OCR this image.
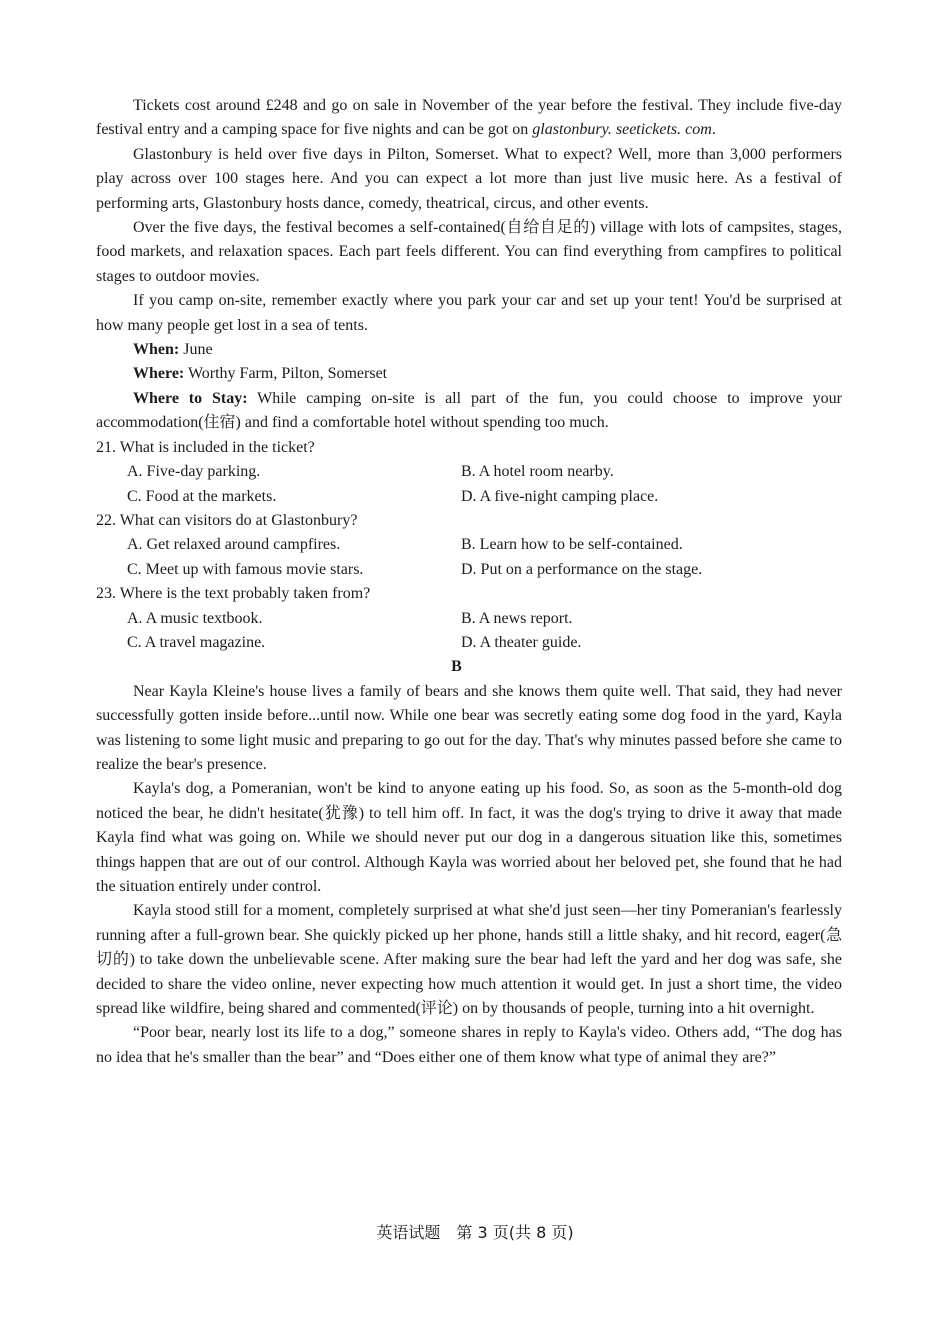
Tickets cost around £248 and go on sale in November of the year before the festival. They include five-day festival entry and a camping space for five nights and can be got on glastonbury. seetickets. com.

Glastonbury is held over five days in Pilton, Somerset. What to expect? Well, more than 3,000 performers play across over 100 stages here. And you can expect a lot more than just live music here. As a festival of performing arts, Glastonbury hosts dance, comedy, theatrical, circus, and other events.

Over the five days, the festival becomes a self-contained(自给自足的) village with lots of campsites, stages, food markets, and relaxation spaces. Each part feels different. You can find everything from campfires to political stages to outdoor movies.

If you camp on-site, remember exactly where you park your car and set up your tent! You'd be surprised at how many people get lost in a sea of tents.

When: June
Where: Worthy Farm, Pilton, Somerset

Where to Stay: While camping on-site is all part of the fun, you could choose to improve your accommodation(住宿) and find a comfortable hotel without spending too much.

21. What is included in the ticket?
A. Five-day parking.	B. A hotel room nearby.
C. Food at the markets.	D. A five-night camping place.
22. What can visitors do at Glastonbury?
A. Get relaxed around campfires.	B. Learn how to be self-contained.
C. Meet up with famous movie stars.	D. Put on a performance on the stage.
23. Where is the text probably taken from?
A. A music textbook.	B. A news report.
C. A travel magazine.	D. A theater guide.
B

Near Kayla Kleine's house lives a family of bears and she knows them quite well. That said, they had never successfully gotten inside before...until now. While one bear was secretly eating some dog food in the yard, Kayla was listening to some light music and preparing to go out for the day. That's why minutes passed before she came to realize the bear's presence.

Kayla's dog, a Pomeranian, won't be kind to anyone eating up his food. So, as soon as the 5-month-old dog noticed the bear, he didn't hesitate(犹豫) to tell him off. In fact, it was the dog's trying to drive it away that made Kayla find what was going on. While we should never put our dog in a dangerous situation like this, sometimes things happen that are out of our control. Although Kayla was worried about her beloved pet, she found that he had the situation entirely under control.

Kayla stood still for a moment, completely surprised at what she'd just seen—her tiny Pomeranian's fearlessly running after a full-grown bear. She quickly picked up her phone, hands still a little shaky, and hit record, eager(急切的) to take down the unbelievable scene. After making sure the bear had left the yard and her dog was safe, she decided to share the video online, never expecting how much attention it would get. In just a short time, the video spread like wildfire, being shared and commented(评论) on by thousands of people, turning into a hit overnight.

“Poor bear, nearly lost its life to a dog,” someone shares in reply to Kayla's video. Others add, “The dog has no idea that he's smaller than the bear” and “Does either one of them know what type of animal they are?”

英语试题　第 3 页(共 8 页)
